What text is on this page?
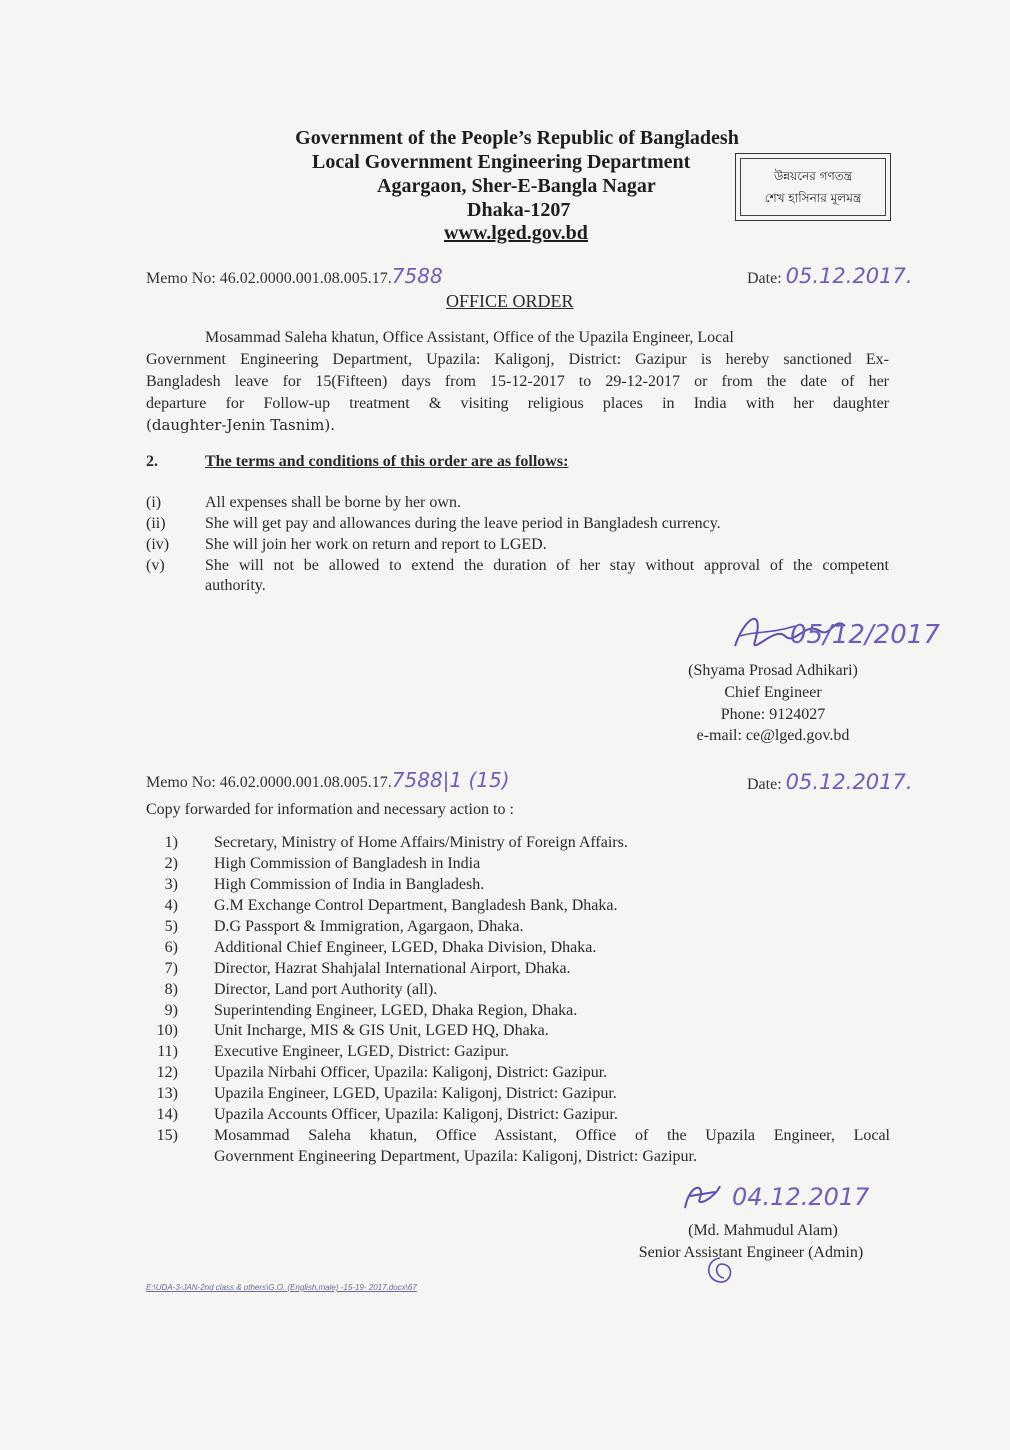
Government of the People’s Republic of Bangladesh
Local Government Engineering Department
Agargaon, Sher-E-Bangla Nagar
Dhaka-1207
www.lged.gov.bd
উন্নয়নের গণতন্ত্র
শেখ হাসিনার মূলমন্ত্র
Memo No: 46.02.0000.001.08.005.17.7588	Date: 05.12.2017.
OFFICE ORDER
Mosammad Saleha khatun, Office Assistant, Office of the Upazila Engineer, Local
Government Engineering Department, Upazila: Kaligonj, District: Gazipur is hereby sanctioned Ex-
Bangladesh leave for 15(Fifteen) days from 15-12-2017 to 29-12-2017 or from the date of her
departure for Follow-up treatment & visiting religious places in India with her daughter
(daughter-Jenin Tasnim).
2.	The terms and conditions of this order are as follows:
(i)	All expenses shall be borne by her own.
(ii) She will get pay and allowances during the leave period in Bangladesh currency.
(iv) She will join her work on return and report to LGED.
(v)	She will not be allowed to extend the duration of her stay without approval of the competent
authority.
05/12/2017
(Shyama Prosad Adhikari)
Chief Engineer
Phone: 9124027
e-mail: ce@lged.gov.bd
Memo No: 46.02.0000.001.08.005.17.7588|1 (15)	Date: 05.12.2017.
Copy forwarded for information and necessary action to :
1) Secretary, Ministry of Home Affairs/Ministry of Foreign Affairs.
2) High Commission of Bangladesh in India
3) High Commission of India in Bangladesh.
4) G.M Exchange Control Department, Bangladesh Bank, Dhaka.
5) D.G Passport & Immigration, Agargaon, Dhaka.
6) Additional Chief Engineer, LGED, Dhaka Division, Dhaka.
7) Director, Hazrat Shahjalal International Airport, Dhaka.
8) Director, Land port Authority (all).
9) Superintending Engineer, LGED, Dhaka Region, Dhaka.
10) Unit Incharge, MIS & GIS Unit, LGED HQ, Dhaka.
11) Executive Engineer, LGED, District: Gazipur.
12) Upazila Nirbahi Officer, Upazila: Kaligonj, District: Gazipur.
13) Upazila Engineer, LGED, Upazila: Kaligonj, District: Gazipur.
14) Upazila Accounts Officer, Upazila: Kaligonj, District: Gazipur.
15) Mosammad Saleha khatun, Office Assistant, Office of the Upazila Engineer, Local
Government Engineering Department, Upazila: Kaligonj, District: Gazipur.
04.12.2017
(Md. Mahmudul Alam)
Senior Assistant Engineer (Admin)
E:\UDA-3-JAN-2nd class & others\G.O. (English,male) -15-19- 2017.docx\67
